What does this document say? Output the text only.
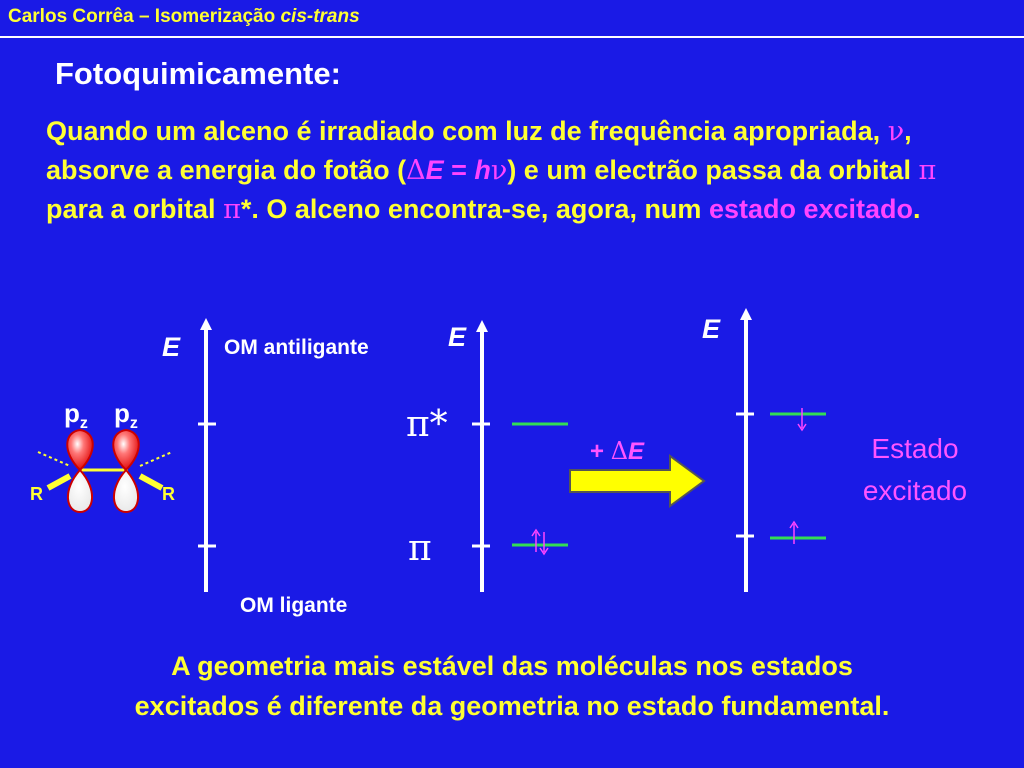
Carlos Corrêa – Isomerização cis-trans
Fotoquimicamente:
Quando um alceno é irradiado com luz de frequência apropriada, ν, absorve a energia do fotão (ΔE = hν) e um electrão passa da orbital π para a orbital π*. O alceno encontra-se, agora, num estado excitado.
$p_z$ $p_z$
R	R
E	E	E
OM antiligante
OM ligante
π*
π
+ ΔE	Estado
excitado
A geometria mais estável das moléculas nos estados
excitados é diferente da geometria no estado fundamental.
